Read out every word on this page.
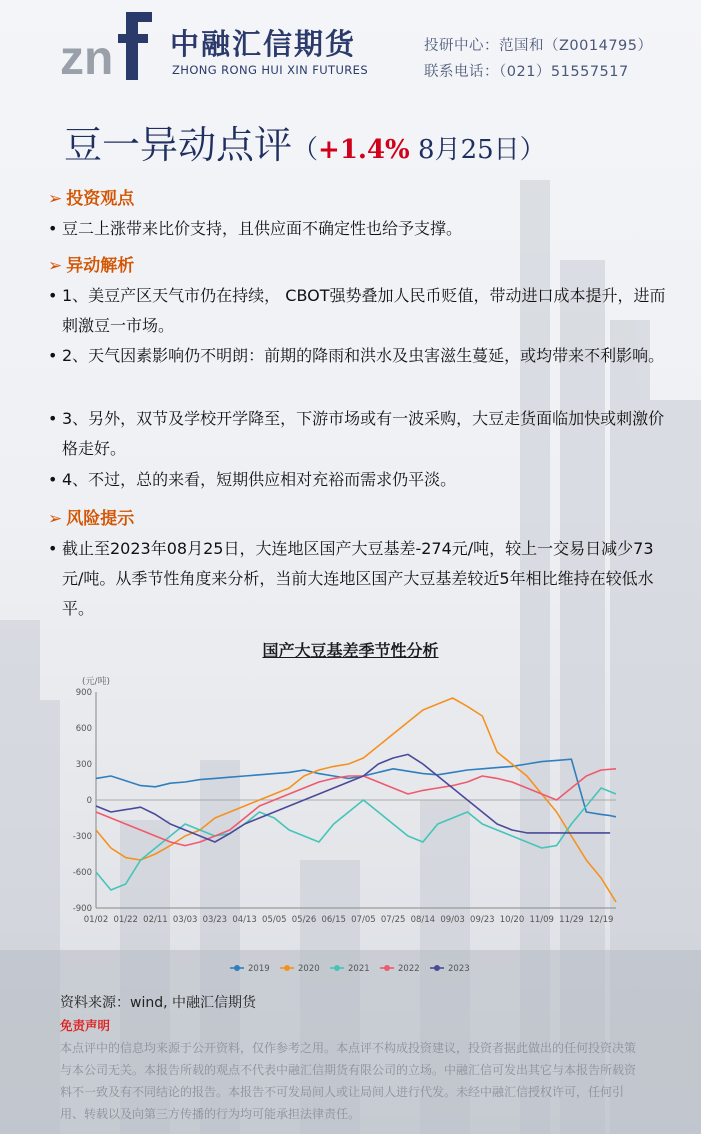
zn 中融汇信期货
ZHONG RONG HUI XIN FUTURES
投研中心：范国和（Z0014795）
联系电话：（021）51557517
豆一异动点评（+1.4% 8月25日）
➢ 投资观点
• 豆二上涨带来比价支持，且供应面不确定性也给予支撑。
➢ 异动解析
• 1、美豆产区天气市仍在持续， CBOT强势叠加人民币贬值，带动进口成本提升，进而刺激豆一市场。
• 2、天气因素影响仍不明朗：前期的降雨和洪水及虫害滋生蔓延，或均带来不利影响。
• 3、另外，双节及学校开学降至，下游市场或有一波采购，大豆走货面临加快或刺激价格走好。
• 4、不过，总的来看，短期供应相对充裕而需求仍平淡。
➢ 风险提示
• 截止至2023年08月25日，大连地区国产大豆基差-274元/吨，较上一交易日减少73元/吨。从季节性角度来分析，当前大连地区国产大豆基差较近5年相比维持在较低水平。
国产大豆基差季节性分析
(元/吨)
-900
-600
-300
0
300
600
900
01/02 01/22 02/11 03/03 03/23 04/13 05/05 05/26 06/15 07/05 07/25 08/14 09/03 09/23 10/20 11/09 11/29 12/19
2019	2020	2021	2022	2023
资料来源：wind, 中融汇信期货
免责声明
本点评中的信息均来源于公开资料，仅作参考之用。本点评不构成投资建议，投资者据此做出的任何投资决策与本公司无关。本报告所载的观点不代表中融汇信期货有限公司的立场。中融汇信可发出其它与本报告所载资料不一致及有不同结论的报告。本报告不可发局间人或让局间人进行代发。未经中融汇信授权许可，任何引用、转载以及向第三方传播的行为均可能承担法律责任。
